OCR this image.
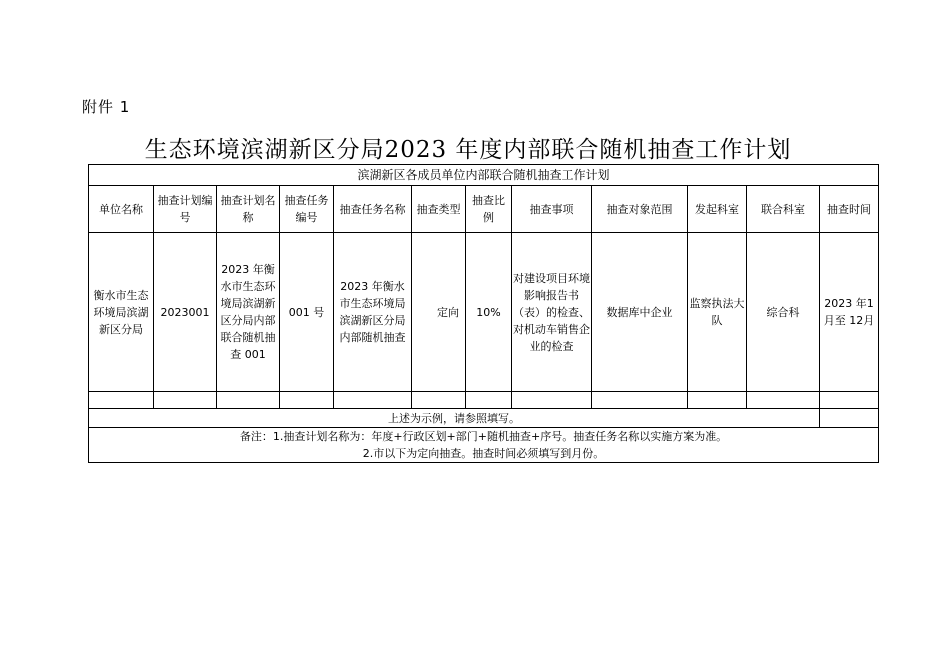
附件 1
生态环境滨湖新区分局2023 年度内部联合随机抽查工作计划
滨湖新区各成员单位内部联合随机抽查工作计划											
单位名称	抽查计划编号	抽查计划名称	抽查任务编号	抽查任务名称	抽查类型	抽查比例	抽查事项	抽查对象范围	发起科室	联合科室	抽查时间
衡水市生态环境局滨湖新区分局	2023001	2023 年衡水市生态环境局滨湖新区分局内部联合随机抽查 001	001 号	2023 年衡水市生态环境局滨湖新区分局内部随机抽查	定向	10%	对建设项目环境影响报告书（表）的检查、对机动车销售企业的检查	数据库中企业	监察执法大队	综合科	2023 年1月至 12月

上述为示例，请参照填写。											

备注：1.抽查计划名称为：年度+行政区划+部门+随机抽查+序号。抽查任务名称以实施方案为准。
2.市以下为定向抽查。抽查时间必须填写到月份。											
